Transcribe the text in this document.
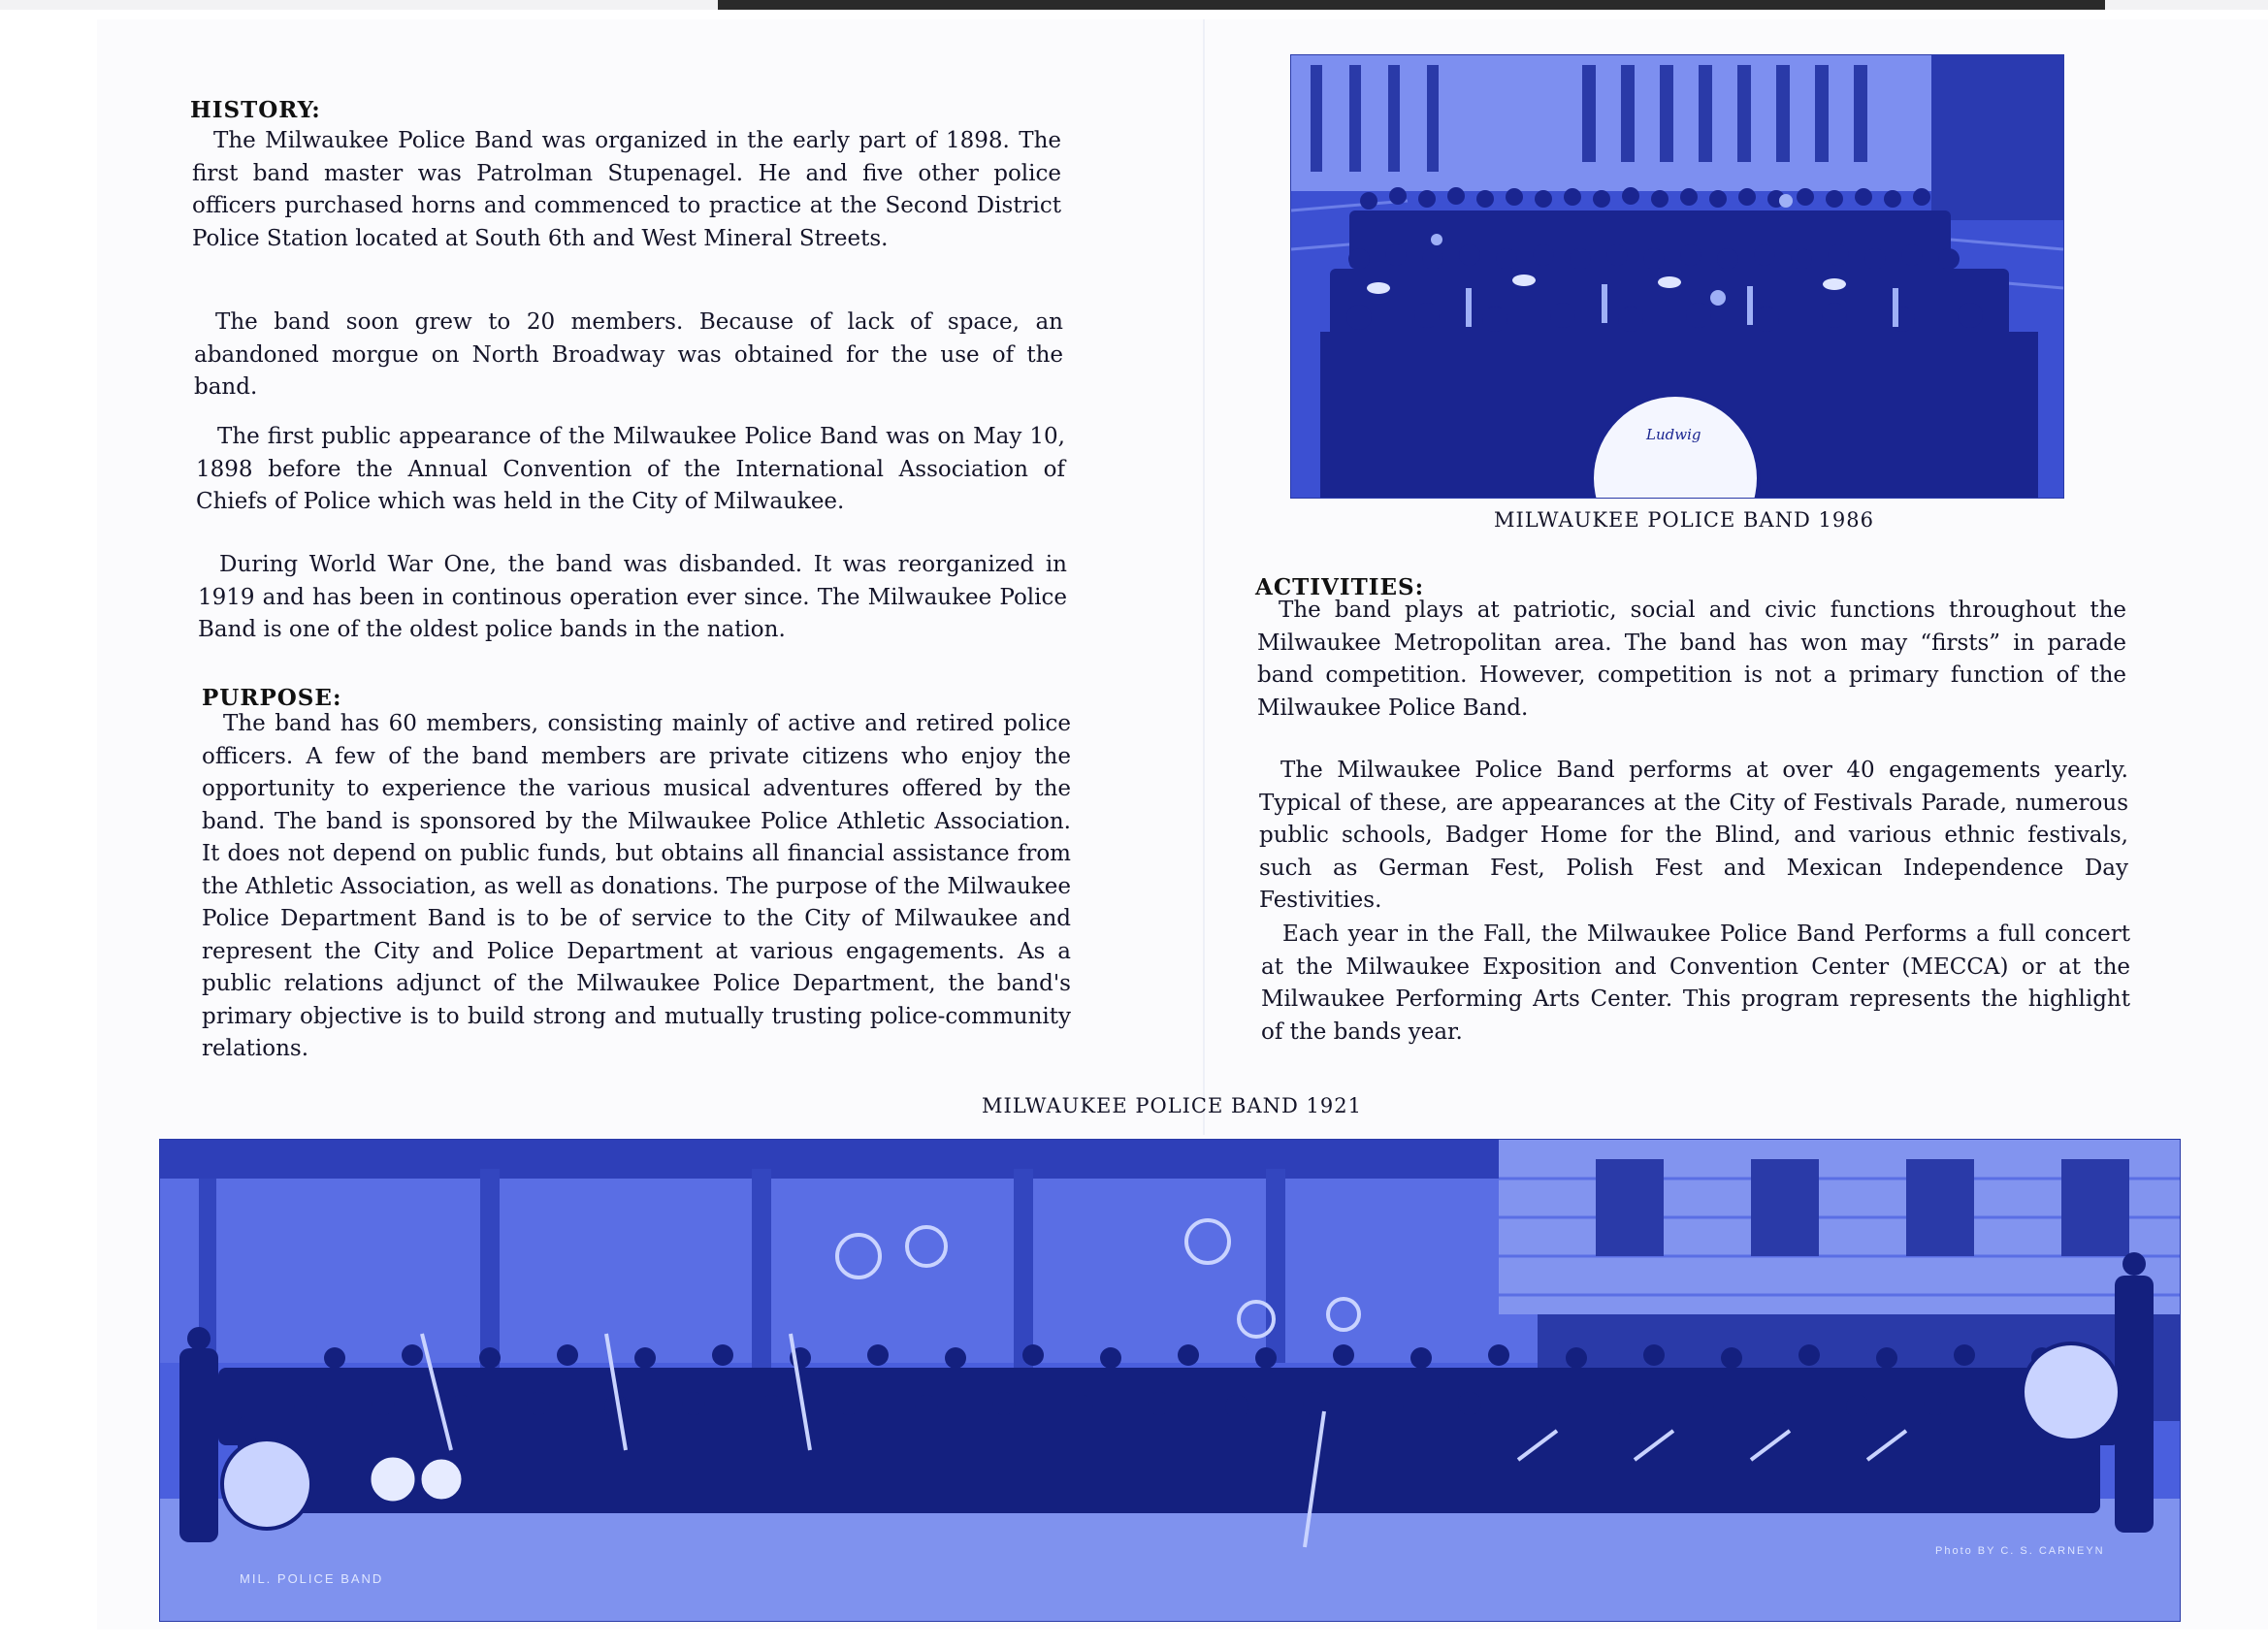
HISTORY:

The Milwaukee Police Band was organized in the early part of 1898. The first band master was Patrolman Stupenagel. He and five other police officers purchased horns and commenced to practice at the Second District Police Station located at South 6th and West Mineral Streets.

The band soon grew to 20 members. Because of lack of space, an abandoned morgue on North Broadway was obtained for the use of the band.

The first public appearance of the Milwaukee Police Band was on May 10, 1898 before the Annual Convention of the International Association of Chiefs of Police which was held in the City of Milwaukee.

During World War One, the band was disbanded. It was reorganized in 1919 and has been in continous operation ever since. The Milwaukee Police Band is one of the oldest police bands in the nation.

PURPOSE:

The band has 60 members, consisting mainly of active and retired police officers. A few of the band members are private citizens who enjoy the opportunity to experience the various musical adventures offered by the band. The band is sponsored by the Milwaukee Police Athletic Association. It does not depend on public funds, but obtains all financial assistance from the Athletic Association, as well as donations. The purpose of the Milwaukee Police Department Band is to be of service to the City of Milwaukee and represent the City and Police Department at various engagements. As a public relations adjunct of the Milwaukee Police Department, the band's primary objective is to build strong and mutually trusting police-community relations.

Ludwig
MILWAUKEE POLICE BAND 1986
ACTIVITIES:

The band plays at patriotic, social and civic functions throughout the Milwaukee Metropolitan area. The band has won may “firsts” in parade band competition. However, competition is not a primary function of the Milwaukee Police Band.

The Milwaukee Police Band performs at over 40 engagements yearly. Typical of these, are appearances at the City of Festivals Parade, numerous public schools, Badger Home for the Blind, and various ethnic festivals, such as German Fest, Polish Fest and Mexican Independence Day Festivities.

Each year in the Fall, the Milwaukee Police Band Performs a full concert at the Milwaukee Exposition and Convention Center (MECCA) or at the Milwaukee Performing Arts Center. This program represents the highlight of the bands year.

MILWAUKEE POLICE BAND 1921
MIL. POLICE BAND
Photo BY C. S. CARNEYN
